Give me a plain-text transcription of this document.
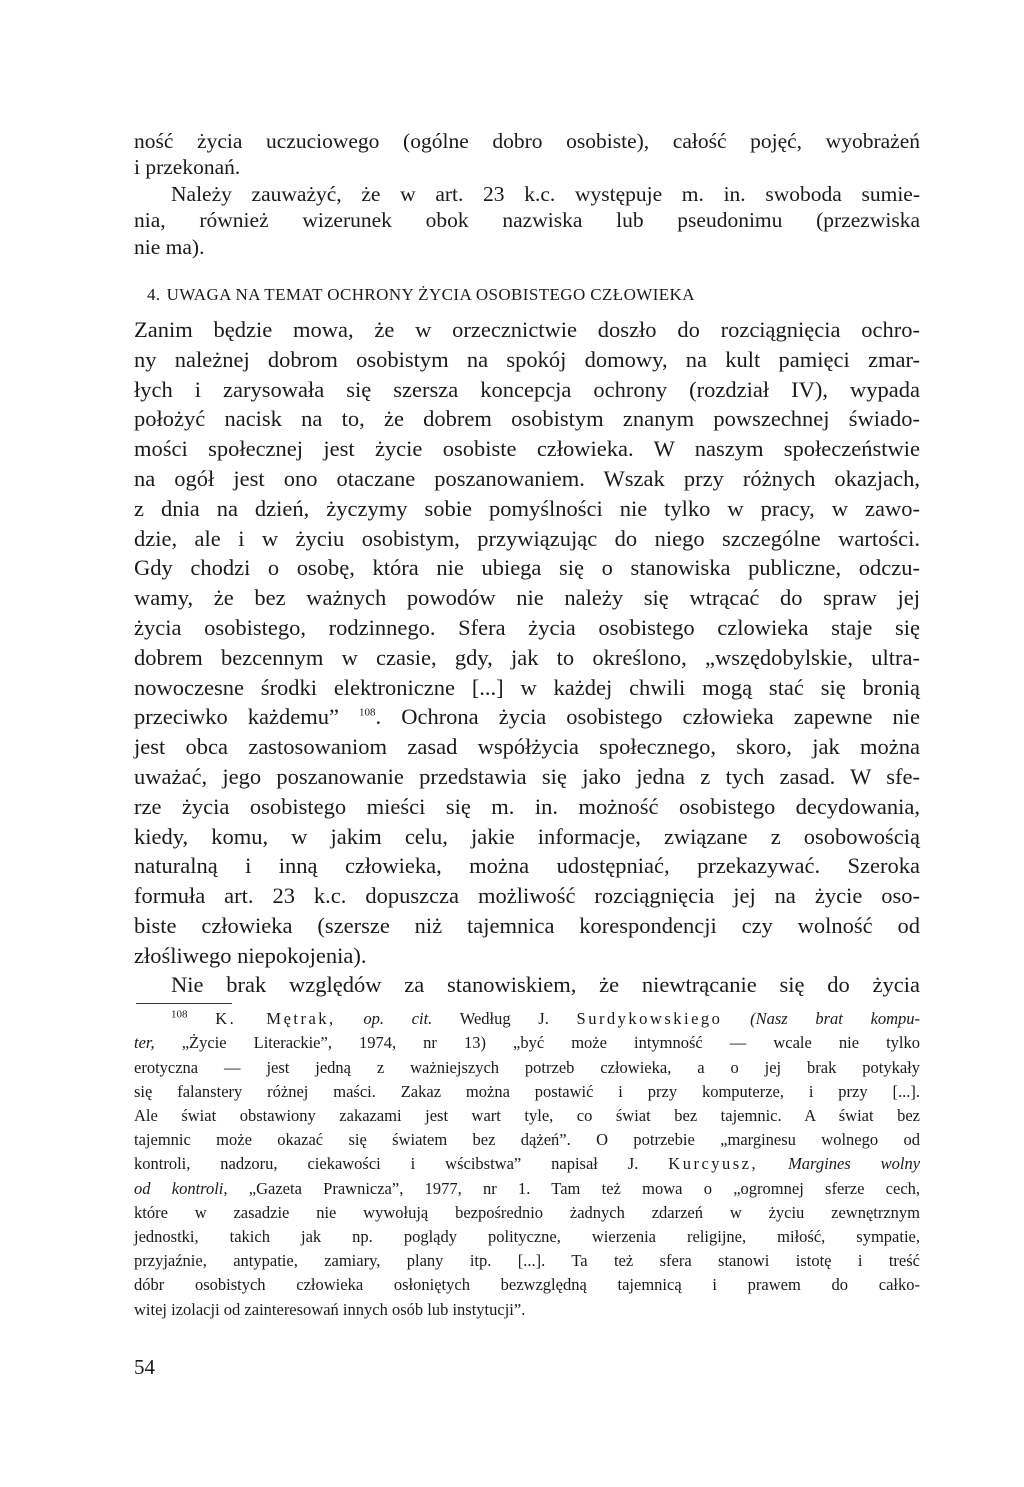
ność życia uczuciowego (ogólne dobro osobiste), całość pojęć, wyobrażeń
i przekonań.
Należy zauważyć, że w art. 23 k.c. występuje m. in. swoboda sumie-
nia, również wizerunek obok nazwiska lub pseudonimu (przezwiska
nie ma).
4. UWAGA NA TEMAT OCHRONY ŻYCIA OSOBISTEGO CZŁOWIEKA
Zanim będzie mowa, że w orzecznictwie doszło do rozciągnięcia ochro-
ny należnej dobrom osobistym na spokój domowy, na kult pamięci zmar-
łych i zarysowała się szersza koncepcja ochrony (rozdział IV), wypada
położyć nacisk na to, że dobrem osobistym znanym powszechnej świado-
mości społecznej jest życie osobiste człowieka. W naszym społeczeństwie
na ogół jest ono otaczane poszanowaniem. Wszak przy różnych okazjach,
z dnia na dzień, życzymy sobie pomyślności nie tylko w pracy, w zawo-
dzie, ale i w życiu osobistym, przywiązując do niego szczególne wartości.
Gdy chodzi o osobę, która nie ubiega się o stanowiska publiczne, odczu-
wamy, że bez ważnych powodów nie należy się wtrącać do spraw jej
życia osobistego, rodzinnego. Sfera życia osobistego czlowieka staje się
dobrem bezcennym w czasie, gdy, jak to określono, „wszędobylskie, ultra-
nowoczesne środki elektroniczne [...] w każdej chwili mogą stać się bronią
przeciwko każdemu” $^{108}$. Ochrona życia osobistego człowieka zapewne nie
jest obca zastosowaniom zasad współżycia społecznego, skoro, jak można
uważać, jego poszanowanie przedstawia się jako jedna z tych zasad. W sfe-
rze życia osobistego mieści się m. in. możność osobistego decydowania,
kiedy, komu, w jakim celu, jakie informacje, związane z osobowością
naturalną i inną człowieka, można udostępniać, przekazywać. Szeroka
formuła art. 23 k.c. dopuszcza możliwość rozciągnięcia jej na życie oso-
biste człowieka (szersze niż tajemnica korespondencji czy wolność od
złośliwego niepokojenia).
Nie brak względów za stanowiskiem, że niewtrącanie się do życia
$^{108}$ K. Mętrak, op. cit. Według J. Surdykowskiego (Nasz brat kompu-
ter, „Życie Literackie”, 1974, nr 13) „być może intymność — wcale nie tylko
erotyczna — jest jedną z ważniejszych potrzeb człowieka, a o jej brak potykały
się falanstery różnej maści. Zakaz można postawić i przy komputerze, i przy [...].
Ale świat obstawiony zakazami jest wart tyle, co świat bez tajemnic. A świat bez
tajemnic może okazać się światem bez dążeń”. O potrzebie „marginesu wolnego od
kontroli, nadzoru, ciekawości i wścibstwa” napisał J. Kurcyusz, Margines wolny
od kontroli, „Gazeta Prawnicza”, 1977, nr 1. Tam też mowa o „ogromnej sferze cech,
które w zasadzie nie wywołują bezpośrednio żadnych zdarzeń w życiu zewnętrznym
jednostki, takich jak np. poglądy polityczne, wierzenia religijne, miłość, sympatie,
przyjaźnie, antypatie, zamiary, plany itp. [...]. Ta też sfera stanowi istotę i treść
dóbr osobistych człowieka osłoniętych bezwzględną tajemnicą i prawem do całko-
witej izolacji od zainteresowań innych osób lub instytucji”.
54
